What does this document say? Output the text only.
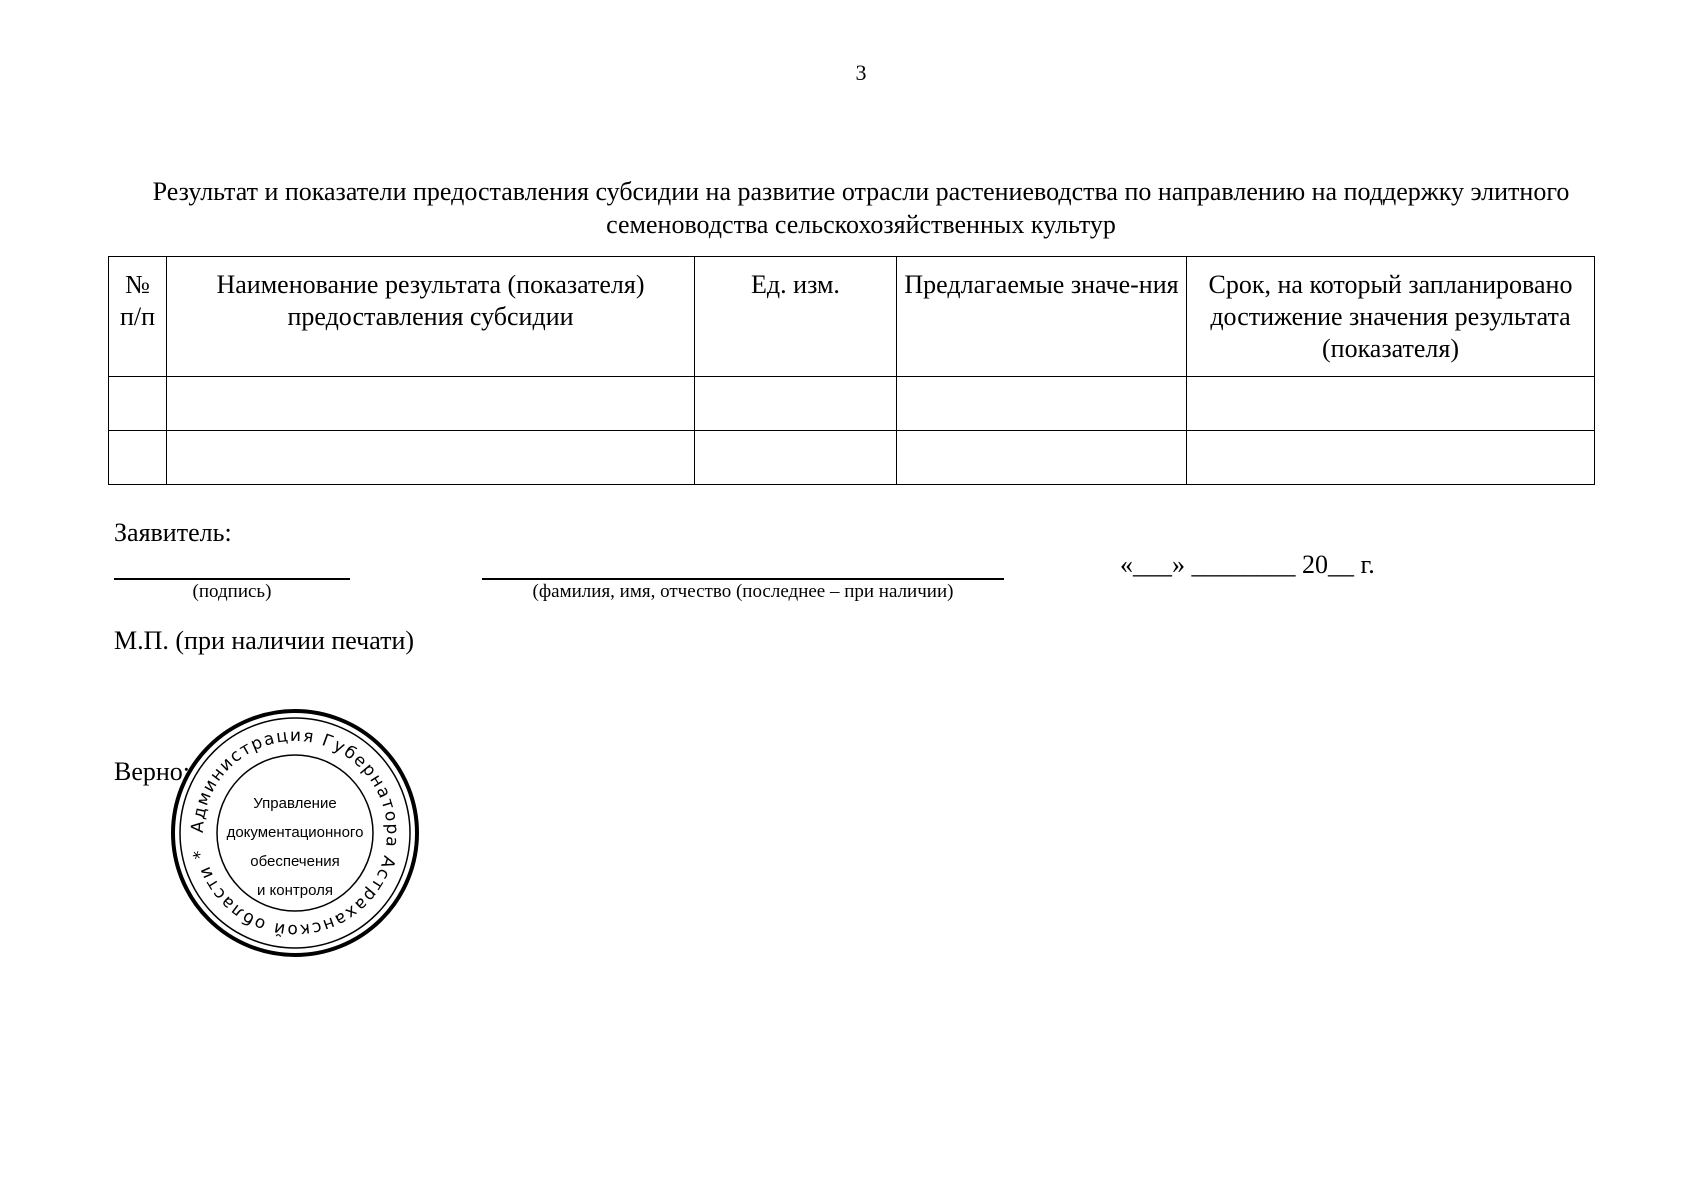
3
Результат и показатели предоставления субсидии на развитие отрасли растениеводства по направлению на поддержку элитного семеноводства сельскохозяйственных культур
№ п/п	Наименование результата (показателя) предоставления субсидии	Ед. изм.	Предлагаемые значе-ния	Срок, на который запланировано достижение значения результата (показателя)

Заявитель:
(подпись)	(фамилия, имя, отчество (последнее – при наличии)
«___» ________ 20__ г.
М.П. (при наличии печати)
Верно:
Администрация Губернатора Астраханской области *
Управление
документационного
обеспечения
и контроля
